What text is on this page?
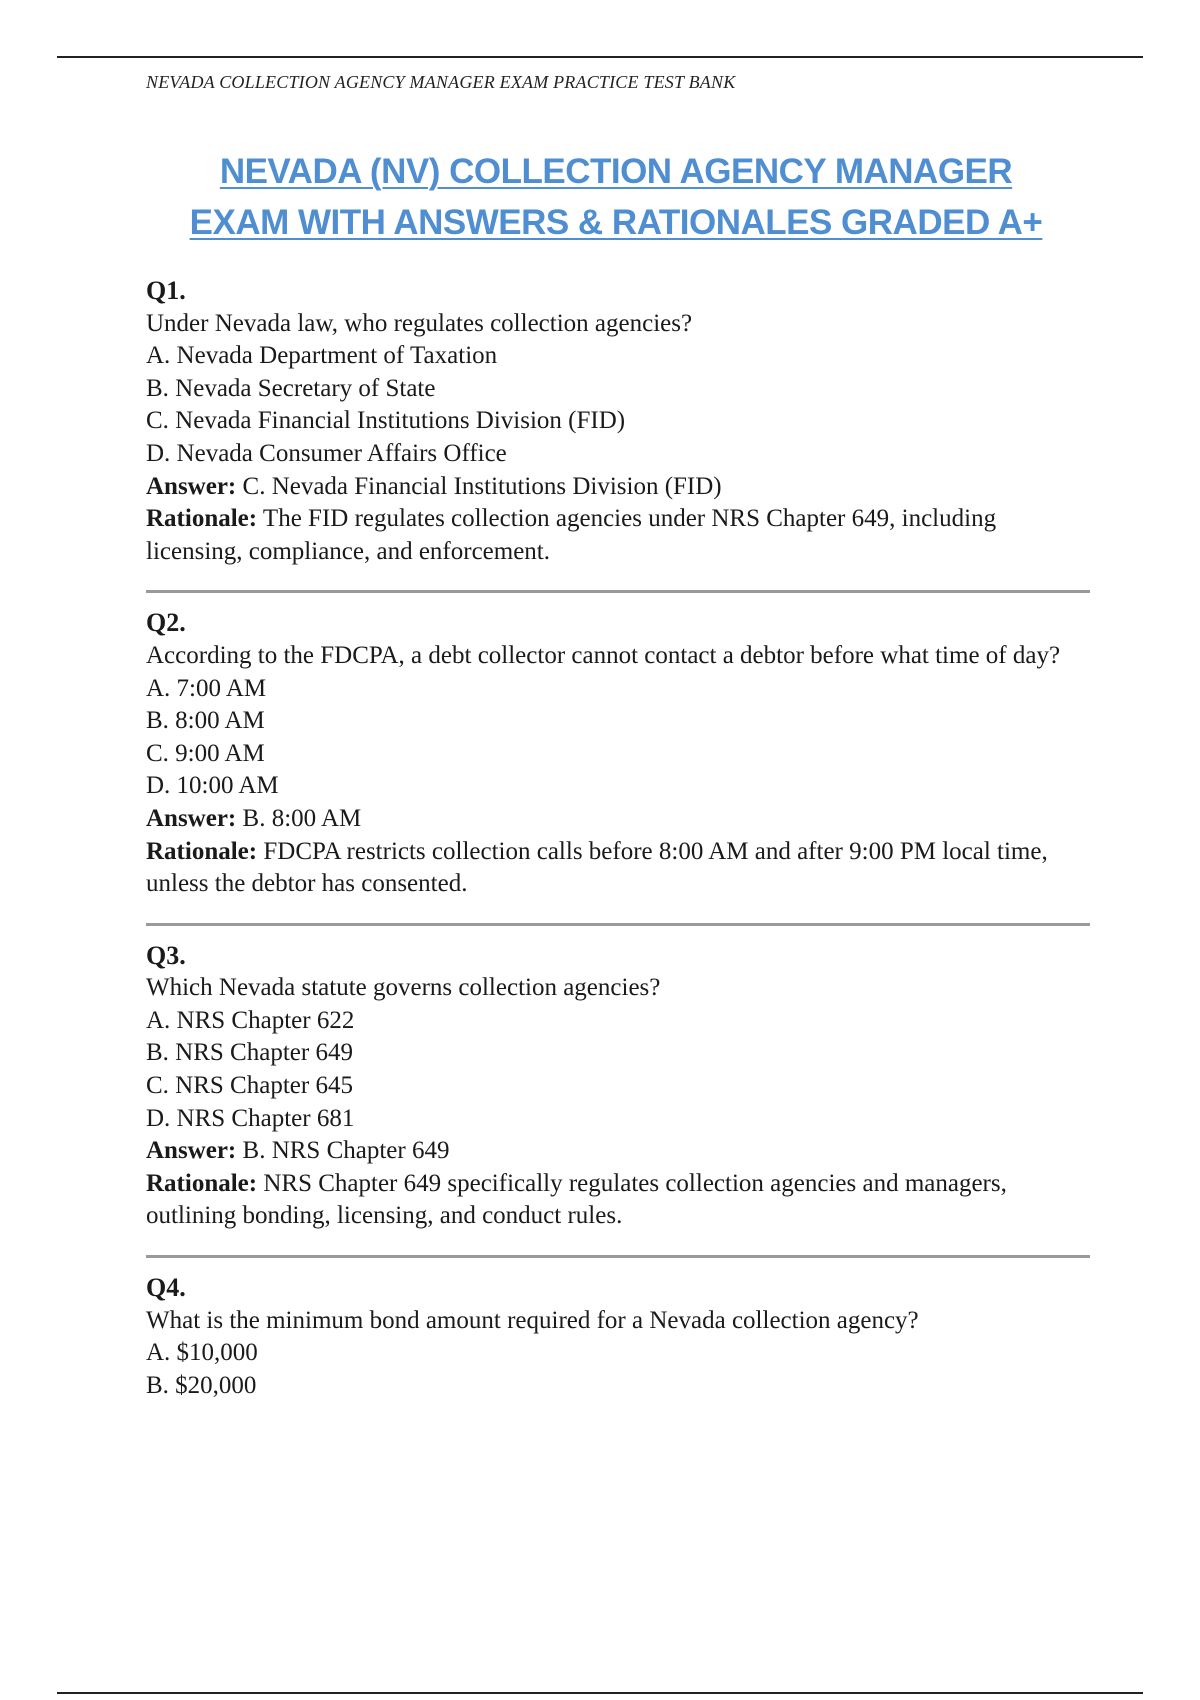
NEVADA COLLECTION AGENCY MANAGER EXAM PRACTICE TEST BANK
NEVADA (NV) COLLECTION AGENCY MANAGER
EXAM WITH ANSWERS & RATIONALES GRADED A+
Q1.
Under Nevada law, who regulates collection agencies?
A. Nevada Department of Taxation
B. Nevada Secretary of State
C. Nevada Financial Institutions Division (FID)
D. Nevada Consumer Affairs Office
Answer: C. Nevada Financial Institutions Division (FID)
Rationale: The FID regulates collection agencies under NRS Chapter 649, including licensing, compliance, and enforcement.
Q2.
According to the FDCPA, a debt collector cannot contact a debtor before what time of day?
A. 7:00 AM
B. 8:00 AM
C. 9:00 AM
D. 10:00 AM
Answer: B. 8:00 AM
Rationale: FDCPA restricts collection calls before 8:00 AM and after 9:00 PM local time, unless the debtor has consented.
Q3.
Which Nevada statute governs collection agencies?
A. NRS Chapter 622
B. NRS Chapter 649
C. NRS Chapter 645
D. NRS Chapter 681
Answer: B. NRS Chapter 649
Rationale: NRS Chapter 649 specifically regulates collection agencies and managers, outlining bonding, licensing, and conduct rules.
Q4.
What is the minimum bond amount required for a Nevada collection agency?
A. $10,000
B. $20,000
